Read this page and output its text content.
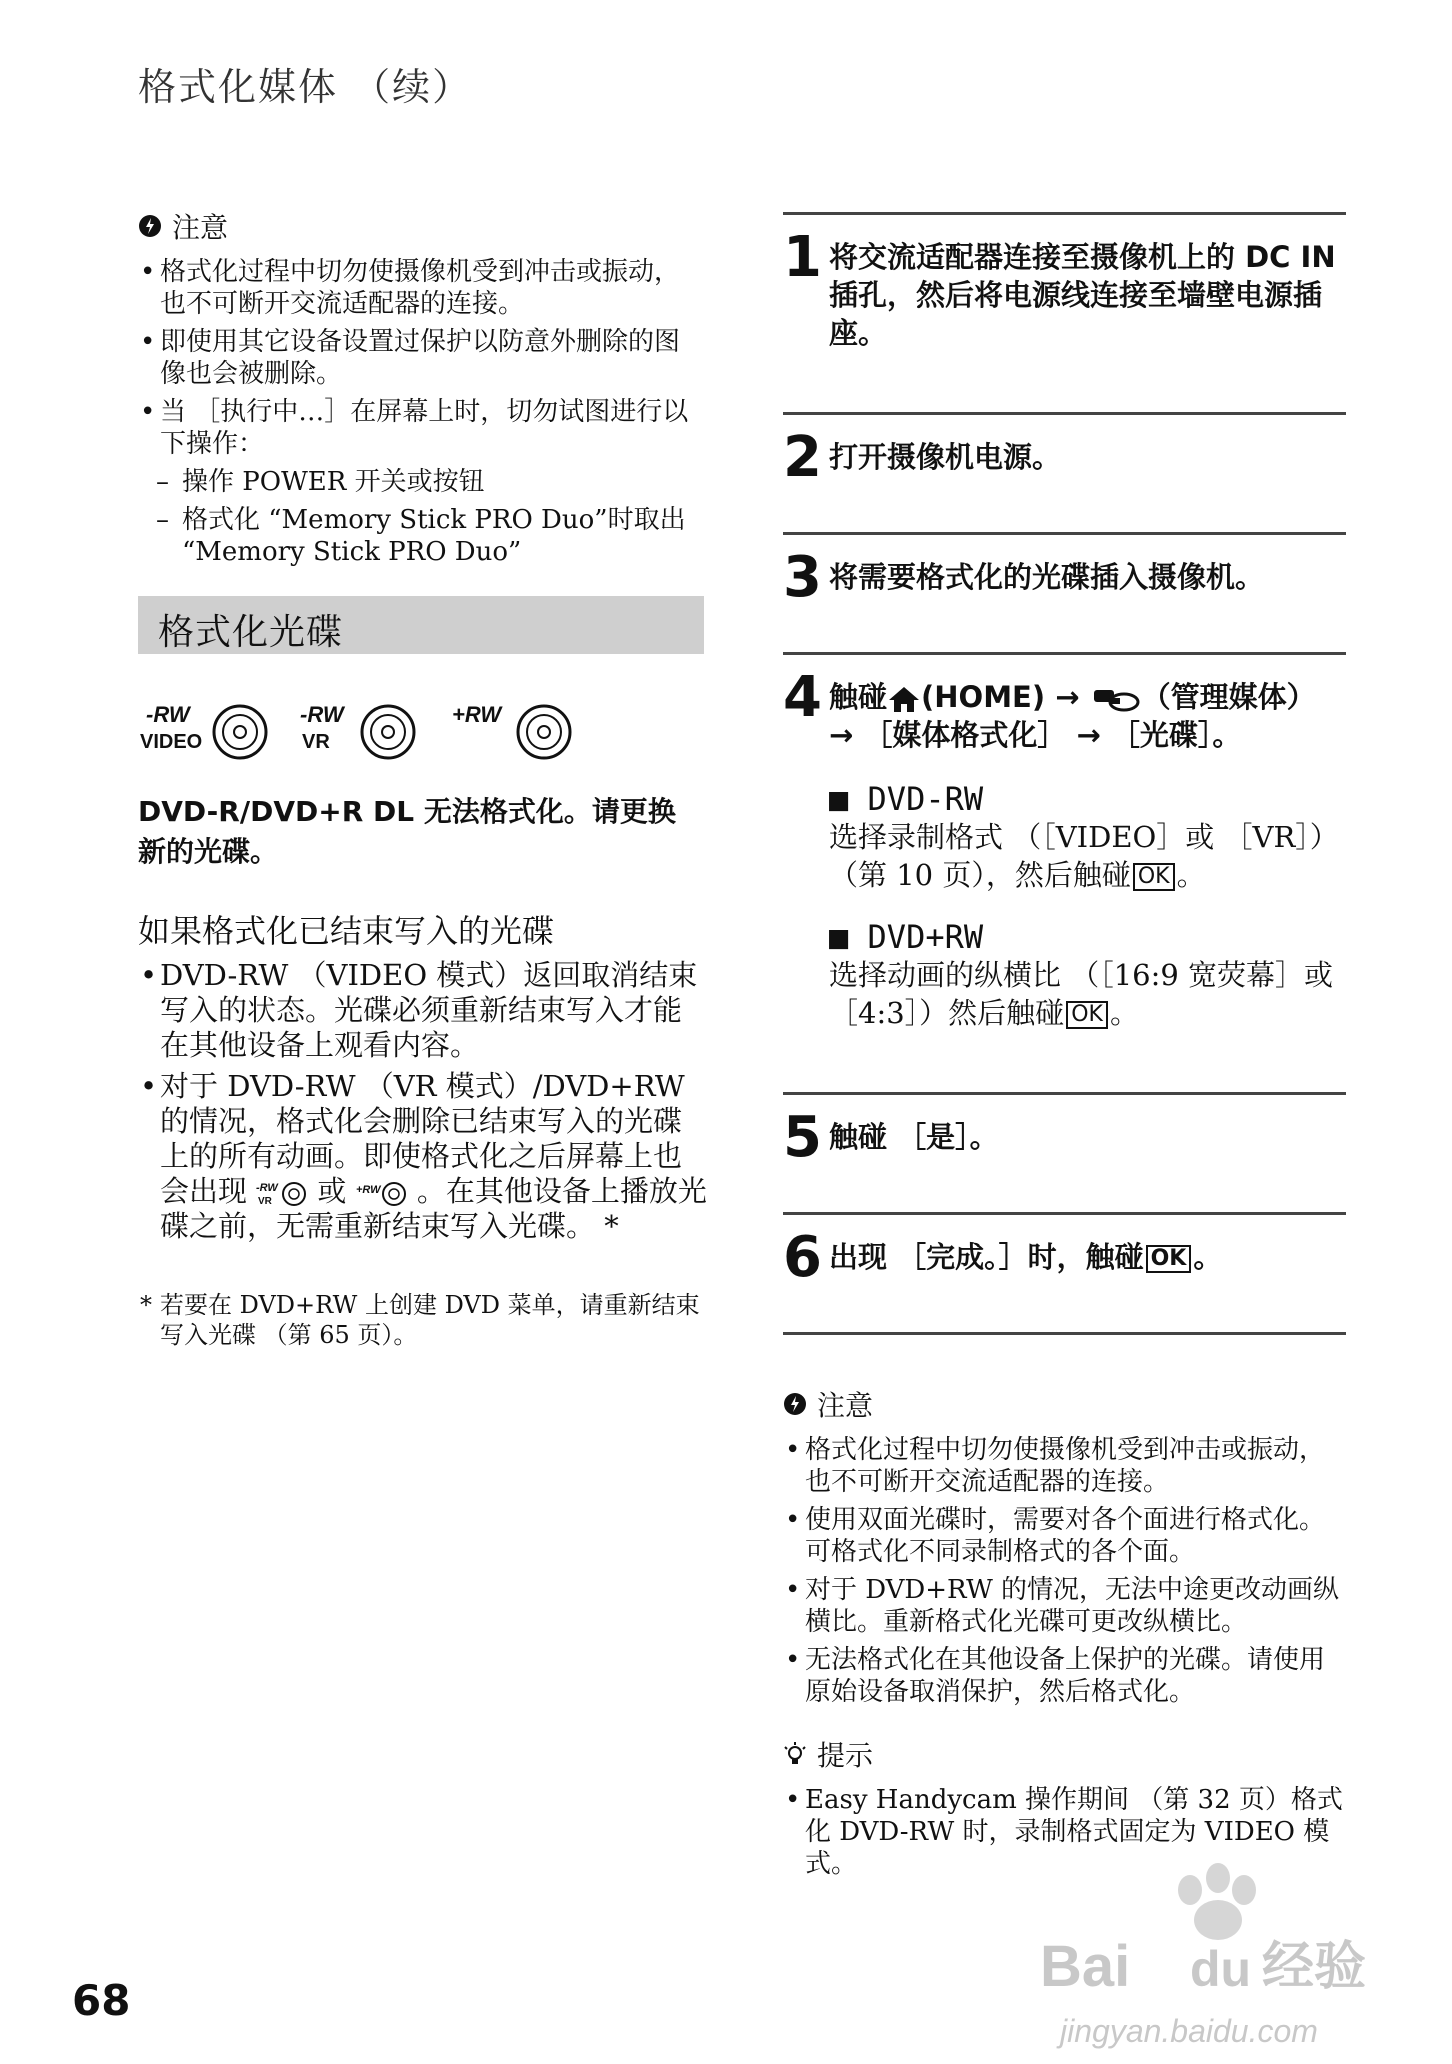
格式化媒体 （续）
注意
• 格式化过程中切勿使摄像机受到冲击或振动，也不可断开交流适配器的连接。
• 即使用其它设备设置过保护以防意外删除的图像也会被删除。
• 当 ［执行中…］在屏幕上时，切勿试图进行以下操作：
– 操作 POWER 开关或按钮
– 格式化 “Memory Stick PRO Duo”时取出 “Memory Stick PRO Duo”
格式化光碟
-RW
VIDEO
-RW
VR
+RW
DVD-R/DVD+R DL 无法格式化。请更换新的光碟。
如果格式化已结束写入的光碟
• DVD-RW （VIDEO 模式）返回取消结束写入的状态。光碟必须重新结束写入才能在其他设备上观看内容。
• 对于 DVD-RW （VR 模式）/DVD+RW 的情况，格式化会删除已结束写入的光碟上的所有动画。即使格式化之后屏幕上也会出现 -RW
VR 或 +RW 。在其他设备上播放光碟之前，无需重新结束写入光碟。 *
* 若要在 DVD+RW 上创建 DVD 菜单，请重新结束写入光碟 （第 65 页）。
1 将交流适配器连接至摄像机上的 DC IN 插孔，然后将电源线连接至墙壁电源插座。
2 打开摄像机电源。
3 将需要格式化的光碟插入摄像机。
4 触碰 (HOME) → （管理媒体）
→ ［媒体格式化］ → ［光碟］。
■ DVD-RW
选择录制格式 （［VIDEO］或 ［VR］）（第 10 页），然后触碰 OK 。
■ DVD+RW
选择动画的纵横比 （［16:9 宽荧幕］或 ［4:3］）然后触碰 OK 。
5 触碰 ［是］。
6 出现 ［完成。］时，触碰 OK 。
注意
• 格式化过程中切勿使摄像机受到冲击或振动，也不可断开交流适配器的连接。
• 使用双面光碟时，需要对各个面进行格式化。可格式化不同录制格式的各个面。
• 对于 DVD+RW 的情况，无法中途更改动画纵横比。重新格式化光碟可更改纵横比。
• 无法格式化在其他设备上保护的光碟。请使用原始设备取消保护，然后格式化。
提示
• Easy Handycam 操作期间 （第 32 页）格式化 DVD-RW 时，录制格式固定为 VIDEO 模式。
68
Bai du 经验
jingyan.baidu.com
